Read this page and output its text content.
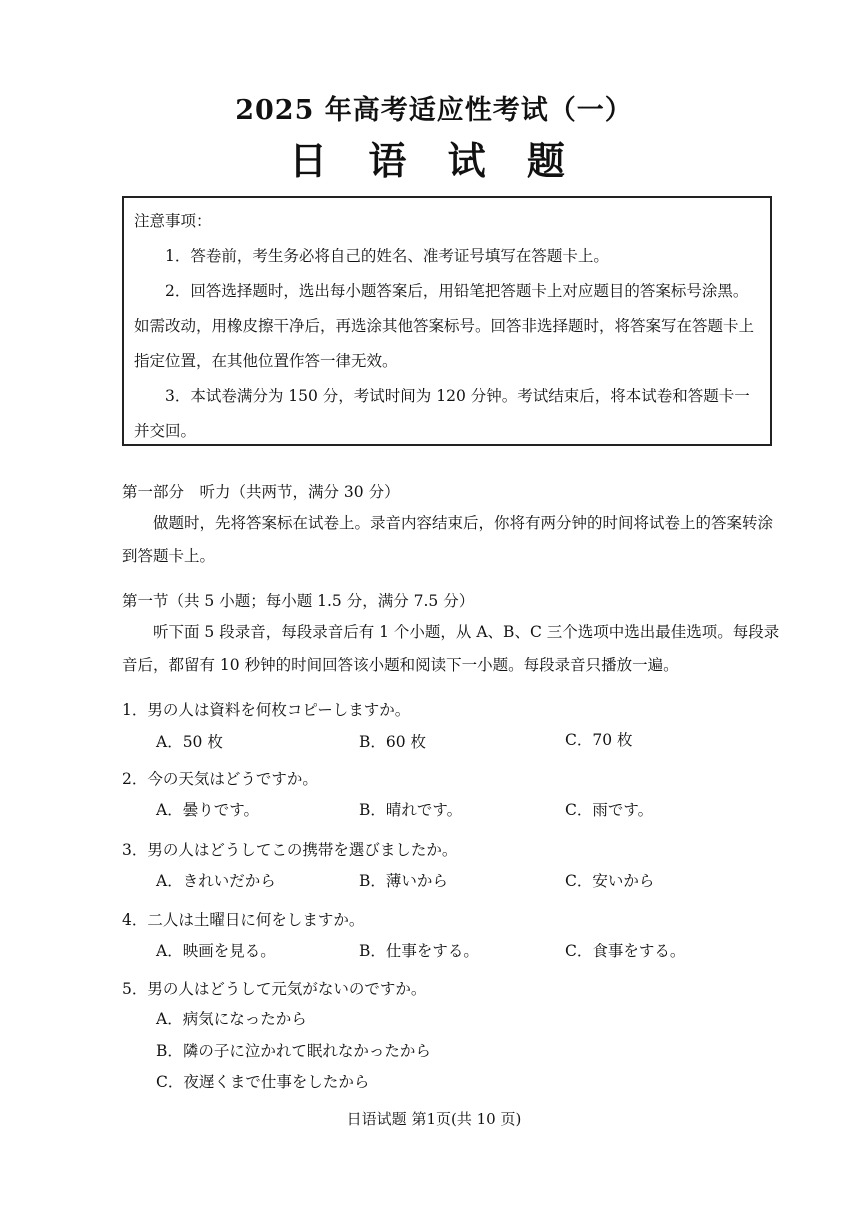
2025 年高考适应性考试（一）
日 语 试 题

注意事项：

1．答卷前，考生务必将自己的姓名、准考证号填写在答题卡上。

2．回答选择题时，选出每小题答案后，用铅笔把答题卡上对应题目的答案标号涂黑。如需改动，用橡皮擦干净后，再选涂其他答案标号。回答非选择题时，将答案写在答题卡上指定位置，在其他位置作答一律无效。

3．本试卷满分为 150 分，考试时间为 120 分钟。考试结束后，将本试卷和答题卡一并交回。

第一部分　听力（共两节，满分 30 分）

做题时，先将答案标在试卷上。录音内容结束后，你将有两分钟的时间将试卷上的答案转涂到答题卡上。

第一节（共 5 小题；每小题 1.5 分，满分 7.5 分）

听下面 5 段录音，每段录音后有 1 个小题，从 A、B、C 三个选项中选出最佳选项。每段录音后，都留有 10 秒钟的时间回答该小题和阅读下一小题。每段录音只播放一遍。

1．男の人は資料を何枚コピーしますか。
A．50 枚	B．60 枚	C．70 枚
2．今の天気はどうですか。
A．曇りです。	B．晴れです。	C．雨です。
3．男の人はどうしてこの携帯を選びましたか。
A．きれいだから	B．薄いから	C．安いから
4．二人は土曜日に何をしますか。
A．映画を見る。	B．仕事をする。	C．食事をする。
5．男の人はどうして元気がないのですか。
A．病気になったから
B．隣の子に泣かれて眠れなかったから
C．夜遅くまで仕事をしたから
日语试题 第1页(共 10 页)
